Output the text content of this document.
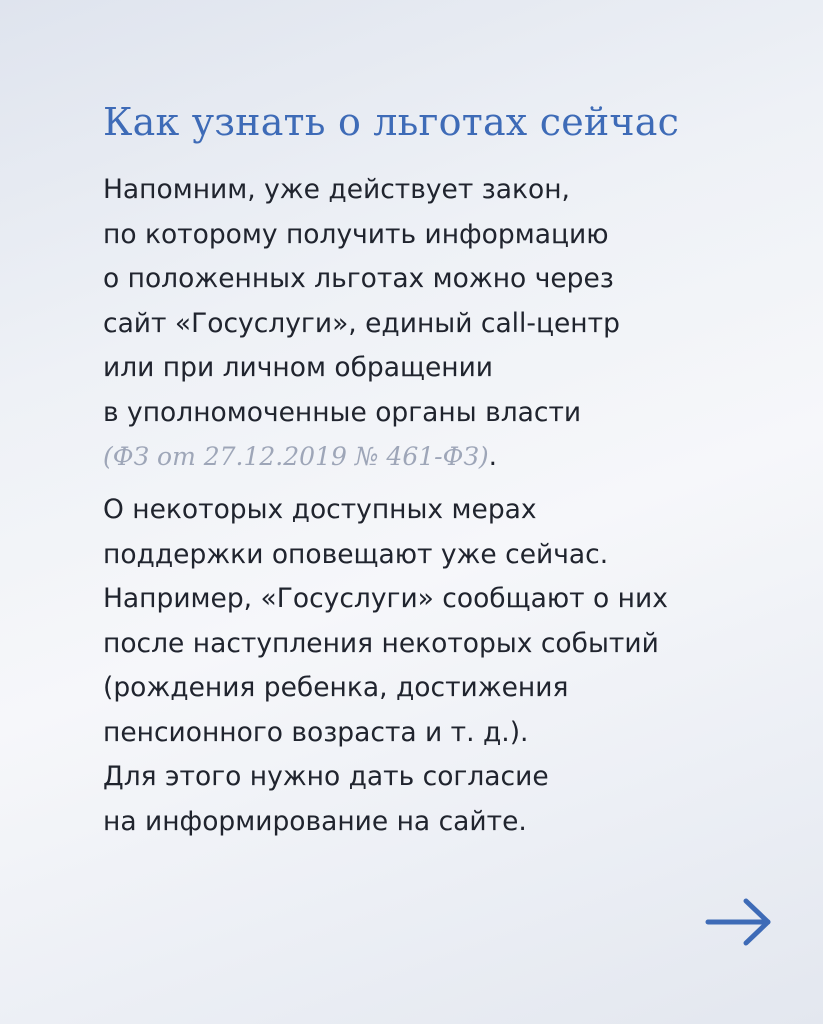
Как узнать о льготах сейчас

Напомним, уже действует закон,
по которому получить информацию
о положенных льготах можно через
сайт «Госуслуги», единый call-центр
или при личном обращении
в уполномоченные органы власти
(ФЗ от 27.12.2019 № 461-ФЗ).

О некоторых доступных мерах
поддержки оповещают уже сейчас.
Например, «Госуслуги» сообщают о них
после наступления некоторых событий
(рождения ребенка, достижения
пенсионного возраста и т. д.).
Для этого нужно дать согласие
на информирование на сайте.
